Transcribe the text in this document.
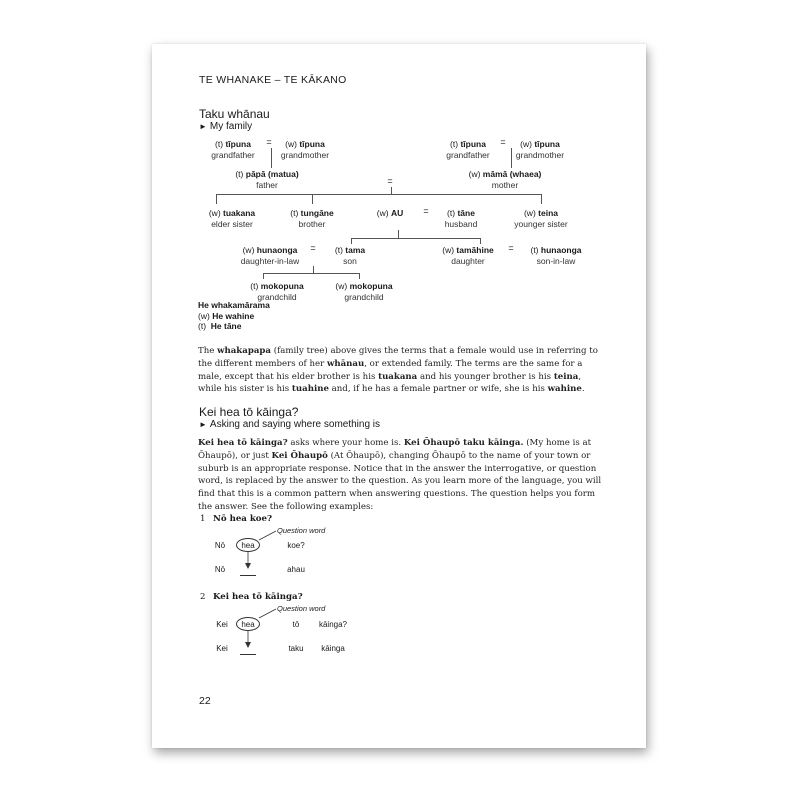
TE WHANAKE – TE KĀKANO
Taku whānau
► My family
=	=
=
=
=	=
(t) tīpuna
grandfather
(w) tīpuna
grandmother
(t) tīpuna
grandfather
(w) tīpuna
grandmother
(t) pāpā (matua)
father
(w) māmā (whaea)
mother
(w) tuakana
elder sister
(t) tungāne
brother
(w) AU	(t) tāne
husband
(w) teina
younger sister
(w) hunaonga
daughter-in-law
(t) tama
son
(w) tamāhine
daughter
(t) hunaonga
son-in-law
(t) mokopuna
grandchild
(w) mokopuna
grandchild
He whakamārama
(w) He wahine
(t) He tāne
The whakapapa (family tree) above gives the terms that a female would use in referring to the different members of her whānau, or extended family. The terms are the same for a male, except that his elder brother is his tuakana and his younger brother is his teina, while his sister is his tuahine and, if he has a female partner or wife, she is his wahine.
Kei hea tō kāinga?
► Asking and saying where something is
Kei hea tō kāinga? asks where your home is. Kei Ōhaupō taku kāinga. (My home is at Ōhaupō), or just Kei Ōhaupō (At Ōhaupō), changing Ōhaupō to the name of your town or suburb is an appropriate response. Notice that in the answer the interrogative, or question word, is replaced by the answer to the question. As you learn more of the language, you will find that this is a common pattern when answering questions. The question helps you form the answer. See the following examples:
1 Nō hea koe?
Question word
Nō hea	koe?
Nō	ahau
2 Kei hea tō kāinga?
Question word
Kei hea	tō kāinga?
Kei	taku kāinga
22
